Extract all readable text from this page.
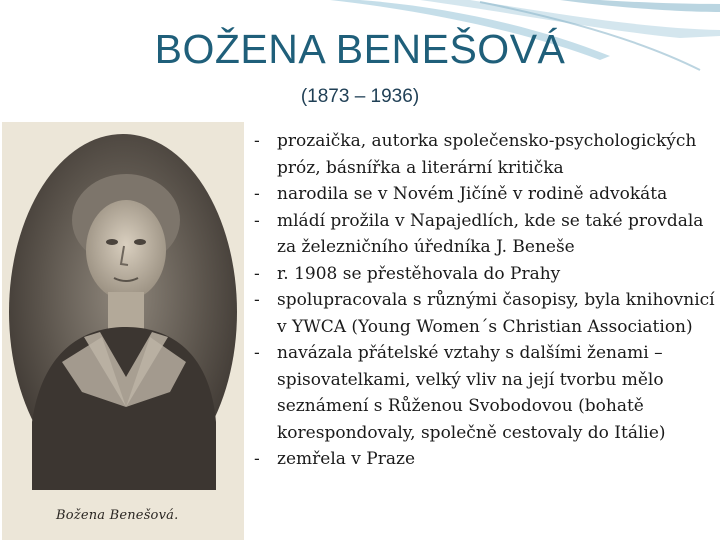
BOŽENA BENEŠOVÁ
(1873 – 1936)
Božena Benešová.
- prozaička, autorka společensko-psychologických próz, básnířka a literární kritička
- narodila se v Novém Jičíně v rodině advokáta
- mládí prožila v Napajedlích, kde se také provdala za železničního úředníka J. Beneše
- r. 1908 se přestěhovala do Prahy
- spolupracovala s různými časopisy, byla knihovnicí v YWCA (Young Women´s Christian Association)
- navázala přátelské vztahy s dalšími ženami – spisovatelkami, velký vliv na její tvorbu mělo seznámení s Růženou Svobodovou (bohatě korespondovaly, společně cestovaly do Itálie)
- zemřela v Praze
